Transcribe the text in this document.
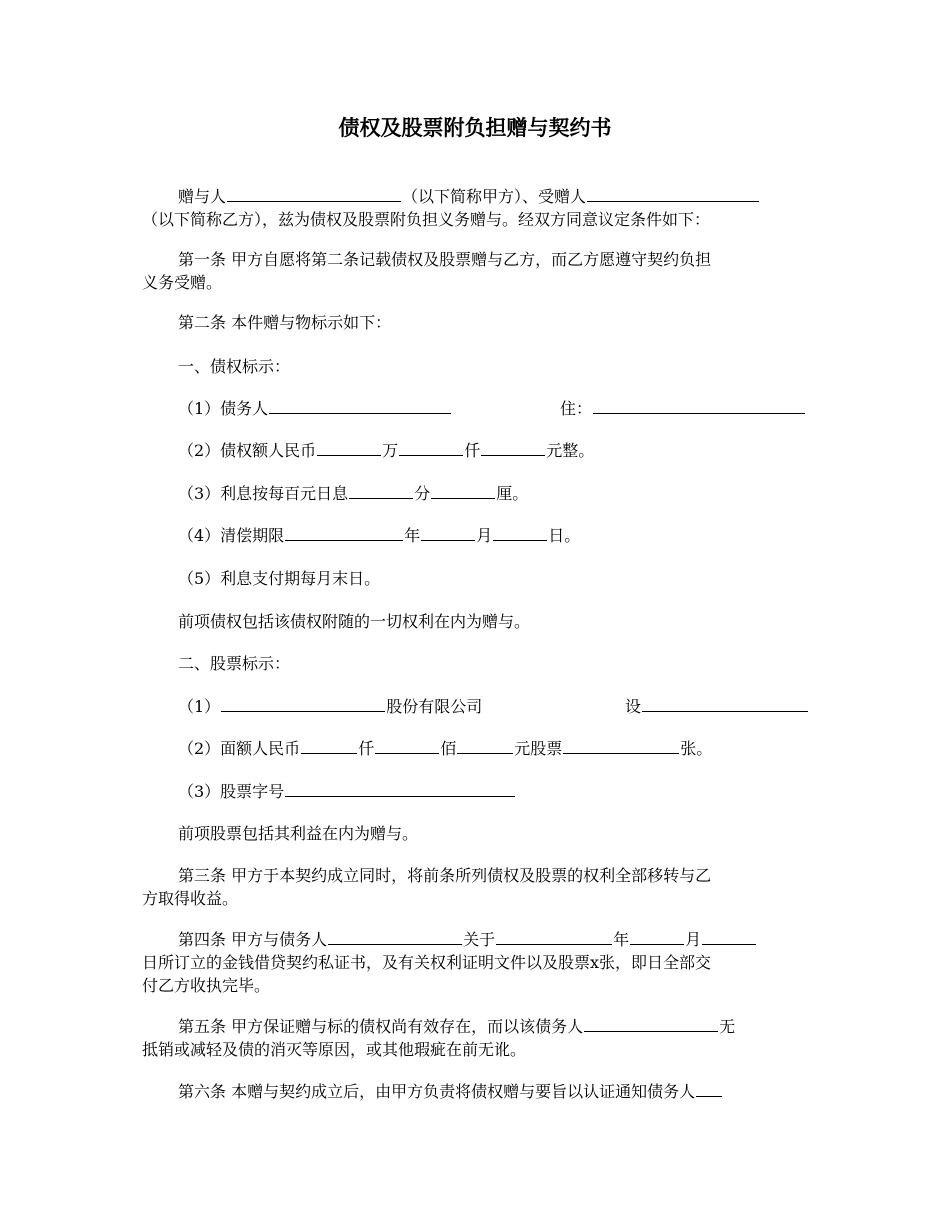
债权及股票附负担赠与契约书
赠与人	（以下简称甲方）、受赠人
（以下简称乙方），兹为债权及股票附负担义务赠与。经双方同意议定条件如下：
第一条 甲方自愿将第二条记载债权及股票赠与乙方，而乙方愿遵守契约负担
义务受赠。
第二条 本件赠与物标示如下：
一、债权标示：
（1）债务人	住：
（2）债权额人民币	万	仟	元整。
（3）利息按每百元日息	分	厘。
（4）清偿期限	年	月	日。
（5）利息支付期每月末日。
前项债权包括该债权附随的一切权利在内为赠与。
二、股票标示：
（1）	股份有限公司	设
（2）面额人民币	仟	佰	元股票	张。
（3）股票字号
前项股票包括其利益在内为赠与。
第三条 甲方于本契约成立同时，将前条所列债权及股票的权利全部移转与乙
方取得收益。
第四条 甲方与债务人	关于	年	月
日所订立的金钱借贷契约私证书，及有关权利证明文件以及股票x张，即日全部交
付乙方收执完毕。
第五条 甲方保证赠与标的债权尚有效存在，而以该债务人	无
抵销或减轻及债的消灭等原因，或其他瑕疵在前无讹。
第六条 本赠与契约成立后，由甲方负责将债权赠与要旨以认证通知债务人
